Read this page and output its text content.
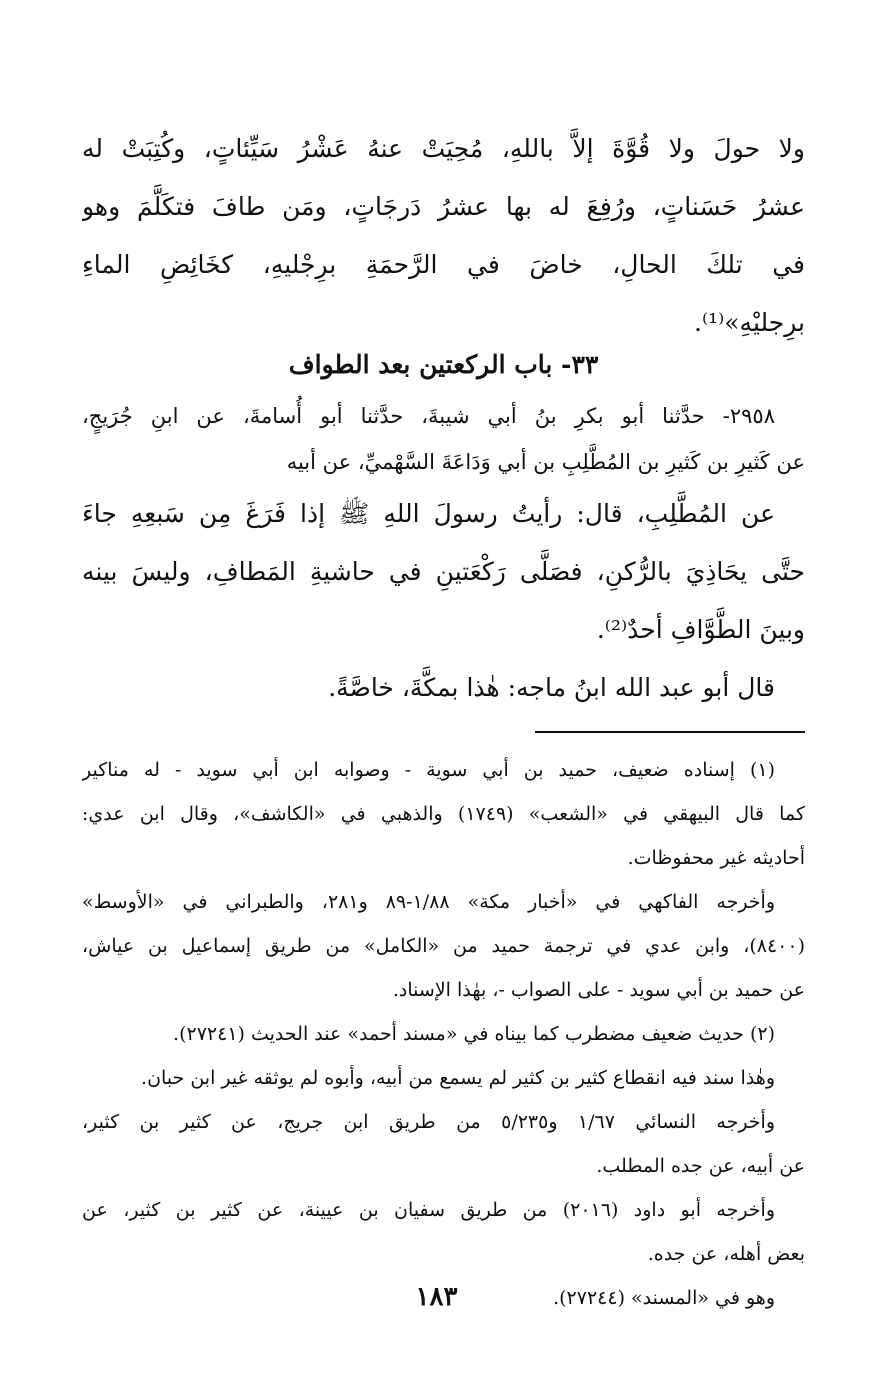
ولا حولَ ولا قُوَّةَ إلاَّ باللهِ، مُحِيَتْ عنهُ عَشْرُ سَيِّئاتٍ، وكُتِبَتْ له
عشرُ حَسَناتٍ، ورُفِعَ له بها عشرُ دَرجَاتٍ، ومَن طافَ فتكَلَّمَ وهو
في تلكَ الحالِ، خاضَ في الرَّحمَةِ برِجْليهِ، كخَائِضِ الماءِ
برِجليْهِ»⁽¹⁾.
٣٣- باب الركعتين بعد الطواف
٢٩٥٨- حدَّثنا أبو بكرِ بنُ أبي شيبةَ، حدَّثنا أبو أُسامةَ، عن ابنِ جُرَيجٍ،
عن كَثيرِ بن كَثيرِ بن المُطَّلِبِ بن أبي وَدَاعَةَ السَّهْميِّ، عن أبيه
عن المُطَّلِبِ، قال: رأيتُ رسولَ اللهِ ﷺ إذا فَرَغَ مِن سَبعِهِ جاءَ
حتَّى يحَاذِيَ بالرُّكنِ، فصَلَّى رَكْعَتينِ في حاشيةِ المَطافِ، وليسَ بينه
وبينَ الطَّوَّافِ أحدٌ⁽²⁾.
قال أبو عبد الله ابنُ ماجه: هٰذا بمكَّةَ، خاصَّةً.
(١) إسناده ضعيف، حميد بن أبي سوية - وصوابه ابن أبي سويد - له مناكير
كما قال البيهقي في «الشعب» (١٧٤٩) والذهبي في «الكاشف»، وقال ابن عدي:
أحاديثه غير محفوظات.
وأخرجه الفاكهي في «أخبار مكة» ١/٨٨-٨٩ و٢٨١، والطبراني في «الأوسط»
(٨٤٠٠)، وابن عدي في ترجمة حميد من «الكامل» من طريق إسماعيل بن عياش،
عن حميد بن أبي سويد - على الصواب -، بهٰذا الإسناد.
(٢) حديث ضعيف مضطرب كما بيناه في «مسند أحمد» عند الحديث (٢٧٢٤١).
وهٰذا سند فيه انقطاع كثير بن كثير لم يسمع من أبيه، وأبوه لم يوثقه غير ابن حبان.
وأخرجه النسائي ١/٦٧ و٥/٢٣٥ من طريق ابن جريج، عن كثير بن كثير،
عن أبيه، عن جده المطلب.
وأخرجه أبو داود (٢٠١٦) من طريق سفيان بن عيينة، عن كثير بن كثير، عن
بعض أهله، عن جده.
وهو في «المسند» (٢٧٢٤٤).
١٨٣
